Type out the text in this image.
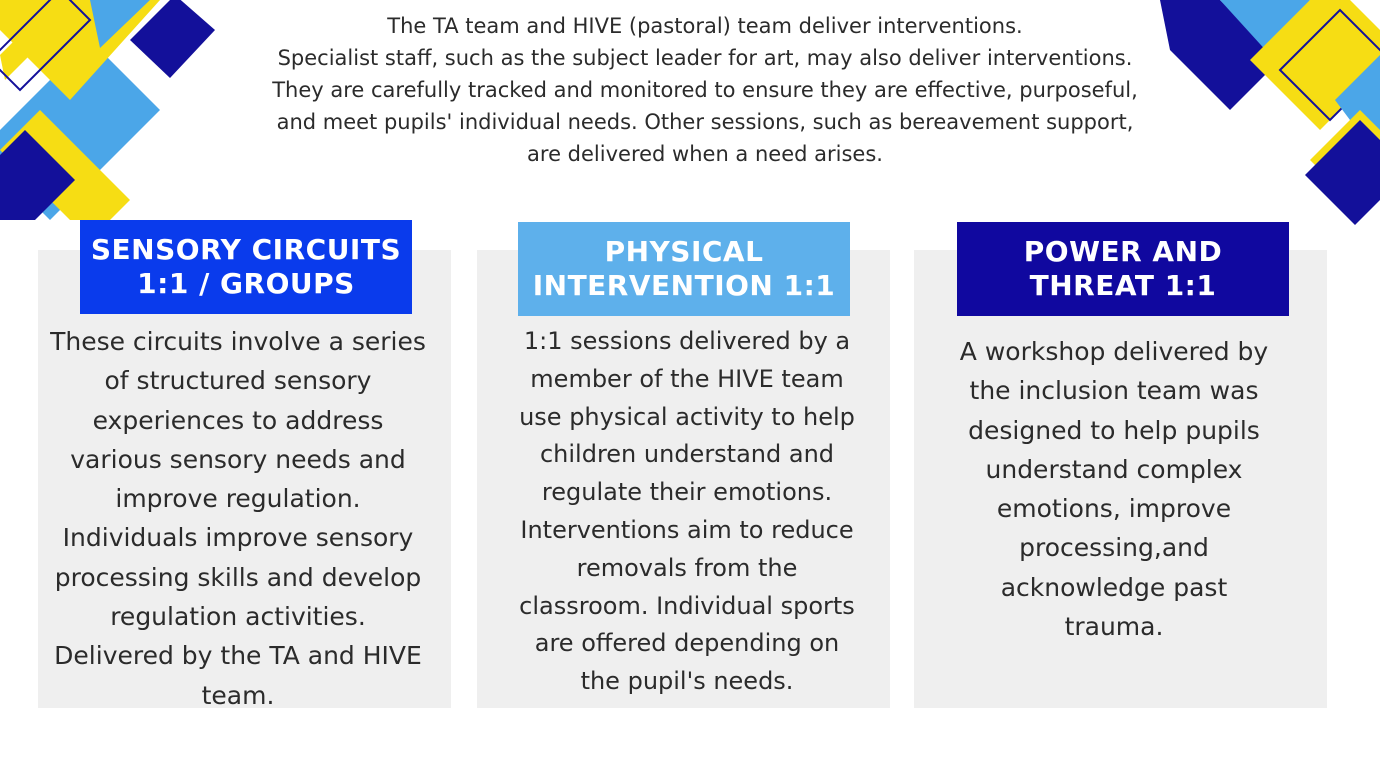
The TA team and HIVE (pastoral) team deliver interventions.
Specialist staff, such as the subject leader for art, may also deliver interventions.
They are carefully tracked and monitored to ensure they are effective, purposeful,
and meet pupils' individual needs. Other sessions, such as bereavement support,
are delivered when a need arises.
SENSORY CIRCUITS
1:1 / GROUPS
PHYSICAL
INTERVENTION 1:1
POWER AND
THREAT 1:1
These circuits involve a series
of structured sensory
experiences to address
various sensory needs and
improve regulation.
Individuals improve sensory
processing skills and develop
regulation activities.
Delivered by the TA and HIVE
team.
1:1 sessions delivered by a
member of the HIVE team
use physical activity to help
children understand and
regulate their emotions.
Interventions aim to reduce
removals from the
classroom. Individual sports
are offered depending on
the pupil's needs.
A workshop delivered by
the inclusion team was
designed to help pupils
understand complex
emotions, improve
processing,and
acknowledge past
trauma.
